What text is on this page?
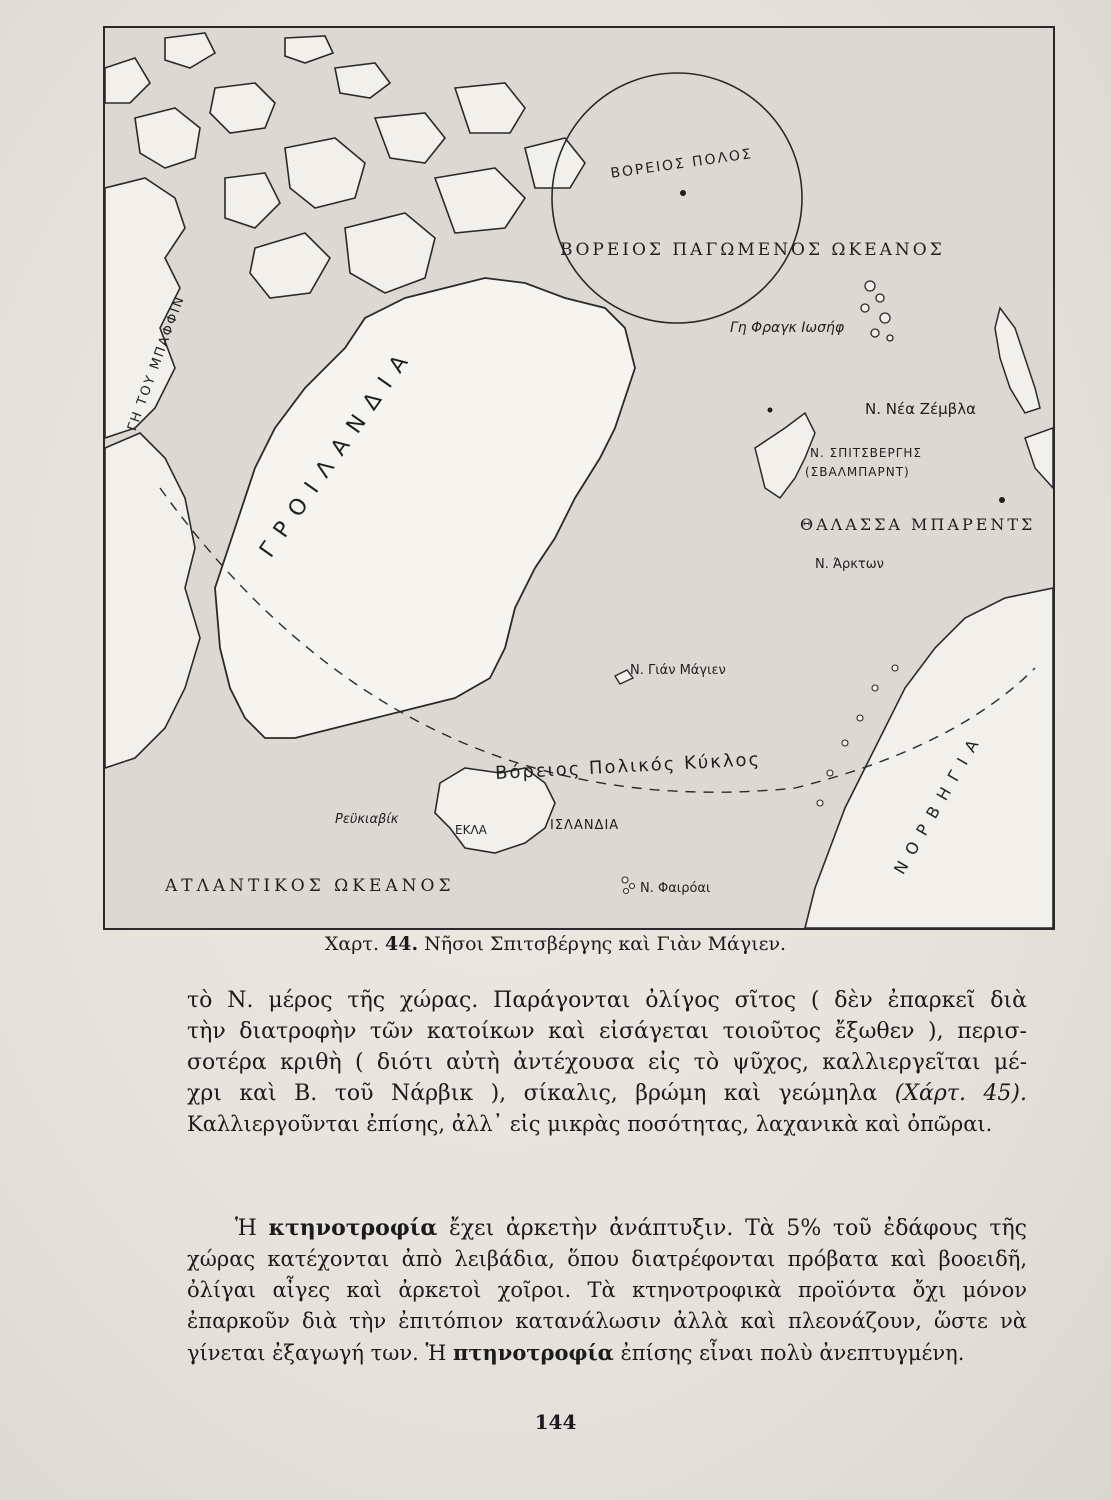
ΒΟΡΕΙΟΣ ΠΟΛΟΣ
ΒΟΡΕΙΟΣ ΠΑΓΩΜΕΝΟΣ ΩΚΕΑΝΟΣ
Γη Φραγκ Ιωσήφ
Ν. Νέα Ζέμβλα
Ν. ΣΠΙΤΣΒΕΡΓΗΣ
(ΣΒΑΛΜΠΑΡΝΤ)
ΘΑΛΑΣΣΑ ΜΠΑΡΕΝΤΣ
Ν. Άρκτων
Ν. Γιάν Μάγιεν
ΓΡΟΙΛΑΝΔΙΑ
ΓΗ ΤΟΥ ΜΠΑΦΦΙΝ
Βόρειος Πολικός Κύκλος
Ρεϋκιαβίκ
ΕΚΛΑ	ΙΣΛΑΝΔΙΑ	ΝΟΡΒΗΓΙΑ
ΑΤΛΑΝΤΙΚΟΣ ΩΚΕΑΝΟΣ	Ν. Φαιρόαι
Χαρτ. 44. Νῆσοι Σπιτσβέργης καὶ Γιὰν Μάγιεν.
τὸ Ν. μέρος τῆς χώρας. Παράγονται ὀλίγος σῖτος ( δὲν ἐπαρκεῖ διὰ
τὴν διατροφὴν τῶν κατοίκων καὶ εἰσάγεται τοιοῦτος ἔξωθεν ), περισ-
σοτέρα κριθὴ ( διότι αὐτὴ ἀντέχουσα εἰς τὸ ψῦχος, καλλιεργεῖται μέ-
χρι καὶ Β. τοῦ Νάρβικ ), σίκαλις, βρώμη καὶ γεώμηλα (Χάρτ. 45).
Καλλιεργοῦνται ἐπίσης, ἀλλ᾽ εἰς μικρὰς ποσότητας, λαχανικὰ καὶ ὀπῶραι.
Ἡ κτηνοτροφία ἔχει ἀρκετὴν ἀνάπτυξιν. Τὰ 5% τοῦ ἐδάφους τῆς
χώρας κατέχονται ἀπὸ λειβάδια, ὅπου διατρέφονται πρόβατα καὶ βοοειδῆ,
ὀλίγαι αἶγες καὶ ἀρκετοὶ χοῖροι. Τὰ κτηνοτροφικὰ προϊόντα ὄχι μόνον
ἐπαρκοῦν διὰ τὴν ἐπιτόπιον κατανάλωσιν ἀλλὰ καὶ πλεονάζουν, ὥστε νὰ
γίνεται ἐξαγωγή των. Ἡ πτηνοτροφία ἐπίσης εἶναι πολὺ ἀνεπτυγμένη.
144
